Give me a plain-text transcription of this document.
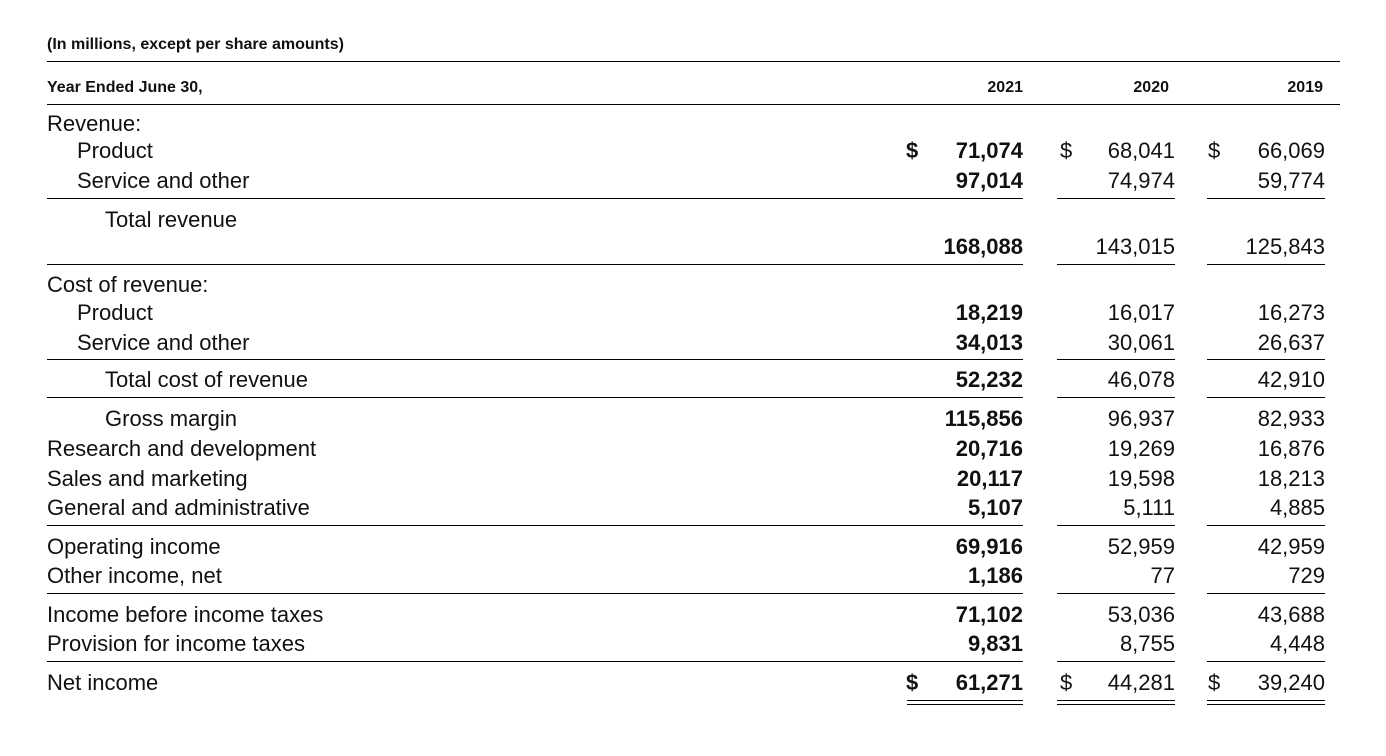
(In millions, except per share amounts)
Year Ended June 30,	2021	2020	2019
Revenue:
Product	$	71,074 $	68,041 $	66,069
Service and other	97,014	74,974	59,774
Total revenue
168,088	143,015	125,843
Cost of revenue:
Product	18,219	16,017	16,273
Service and other	34,013	30,061	26,637
Total cost of revenue	52,232	46,078	42,910
Gross margin	115,856	96,937	82,933
Research and development	20,716	19,269	16,876
Sales and marketing	20,117	19,598	18,213
General and administrative	5,107	5,111	4,885
Operating income	69,916	52,959	42,959
Other income, net	1,186	77	729
Income before income taxes	71,102	53,036	43,688
Provision for income taxes	9,831	8,755	4,448
Net income	$	61,271 $	44,281 $	39,240
